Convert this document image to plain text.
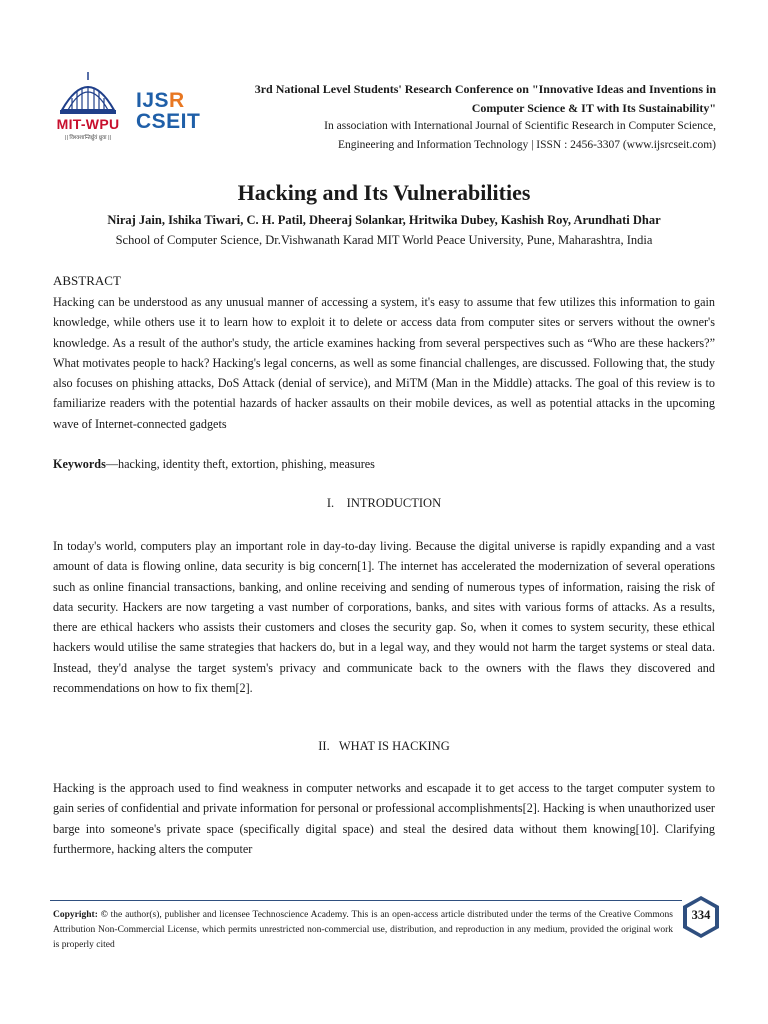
MIT-WPU
|| विश्वशान्तिर्ध्रुवं ध्रुवा ||
IJSR
CSEIT
3rd National Level Students' Research Conference on "Innovative Ideas and Inventions in
Computer Science & IT with Its Sustainability"
In association with International Journal of Scientific Research in Computer Science,
Engineering and Information Technology | ISSN : 2456-3307 (www.ijsrcseit.com)
Hacking and Its Vulnerabilities
Niraj Jain, Ishika Tiwari, C. H. Patil, Dheeraj Solankar, Hritwika Dubey, Kashish Roy, Arundhati Dhar
School of Computer Science, Dr.Vishwanath Karad MIT World Peace University, Pune, Maharashtra, India
ABSTRACT

Hacking can be understood as any unusual manner of accessing a system, it's easy to assume that few utilizes this information to gain knowledge, while others use it to learn how to exploit it to delete or access data from computer sites or servers without the owner's knowledge. As a result of the author's study, the article examines hacking from several perspectives such as “Who are these hackers?” What motivates people to hack? Hacking's legal concerns, as well as some financial challenges, are discussed. Following that, the study also focuses on phishing attacks, DoS Attack (denial of service), and MiTM (Man in the Middle) attacks. The goal of this review is to familiarize readers with the potential hazards of hacker assaults on their mobile devices, as well as potential attacks in the upcoming wave of Internet-connected gadgets

Keywords—hacking, identity theft, extortion, phishing, measures

I.    INTRODUCTION

In today's world, computers play an important role in day-to-day living. Because the digital universe is rapidly expanding and a vast amount of data is flowing online, data security is big concern[1]. The internet has accelerated the modernization of several operations such as online financial transactions, banking, and online receiving and sending of numerous types of information, raising the risk of data security. Hackers are now targeting a vast number of corporations, banks, and sites with various forms of attacks. As a results, there are ethical hackers who assists their customers and closes the security gap. So, when it comes to system security, these ethical hackers would utilise the same strategies that hackers do, but in a legal way, and they would not harm the target systems or steal data. Instead, they'd analyse the target system's privacy and communicate back to the owners with the flaws they discovered and recommendations on how to fix them[2].

II.   WHAT IS HACKING

Hacking is the approach used to find weakness in computer networks and escapade it to get access to the target computer system to gain series of confidential and private information for personal or professional accomplishments[2]. Hacking is when unauthorized user barge into someone's private space (specifically digital space) and steal the desired data without them knowing[10]. Clarifying furthermore, hacking alters the computer

Copyright: © the author(s), publisher and licensee Technoscience Academy. This is an open-access article distributed under the terms of the Creative Commons Attribution Non-Commercial License, which permits unrestricted non-commercial use, distribution, and reproduction in any medium, provided the original work is properly cited
334
